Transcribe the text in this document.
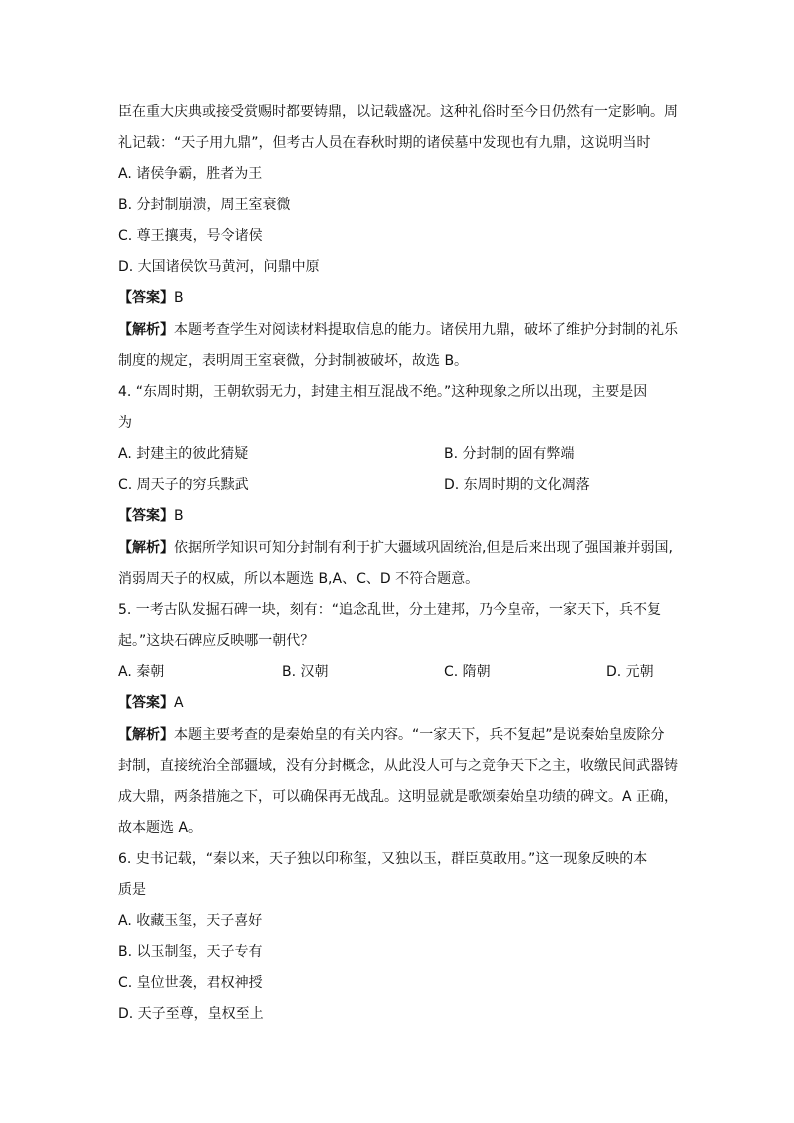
臣在重大庆典或接受赏赐时都要铸鼎，以记载盛况。这种礼俗时至今日仍然有一定影响。周
礼记载：“天子用九鼎”，但考古人员在春秋时期的诸侯墓中发现也有九鼎，这说明当时
A. 诸侯争霸，胜者为王
B. 分封制崩溃，周王室衰微
C. 尊王攘夷，号令诸侯
D. 大国诸侯饮马黄河，问鼎中原
【答案】B
【解析】本题考查学生对阅读材料提取信息的能力。诸侯用九鼎，破坏了维护分封制的礼乐
制度的规定，表明周王室衰微，分封制被破坏，故选 B。
4. “东周时期，王朝软弱无力，封建主相互混战不绝。”这种现象之所以出现，主要是因
为
A. 封建主的彼此猜疑	B. 分封制的固有弊端
C. 周天子的穷兵黩武	D. 东周时期的文化凋落
【答案】B
【解析】依据所学知识可知分封制有利于扩大疆域巩固统治,但是后来出现了强国兼并弱国,
消弱周天子的权威，所以本题选 B,A、C、D 不符合题意。
5. 一考古队发掘石碑一块，刻有：“追念乱世，分土建邦，乃今皇帝，一家天下，兵不复
起。”这块石碑应反映哪一朝代？
A. 秦朝	B. 汉朝	C. 隋朝	D. 元朝
【答案】A
【解析】本题主要考查的是秦始皇的有关内容。“一家天下，兵不复起”是说秦始皇废除分
封制，直接统治全部疆域，没有分封概念，从此没人可与之竞争天下之主，收缴民间武器铸
成大鼎，两条措施之下，可以确保再无战乱。这明显就是歌颂秦始皇功绩的碑文。A 正确，
故本题选 A。
6. 史书记载，“秦以来，天子独以印称玺，又独以玉，群臣莫敢用。”这一现象反映的本
质是
A. 收藏玉玺，天子喜好
B. 以玉制玺，天子专有
C. 皇位世袭，君权神授
D. 天子至尊，皇权至上
